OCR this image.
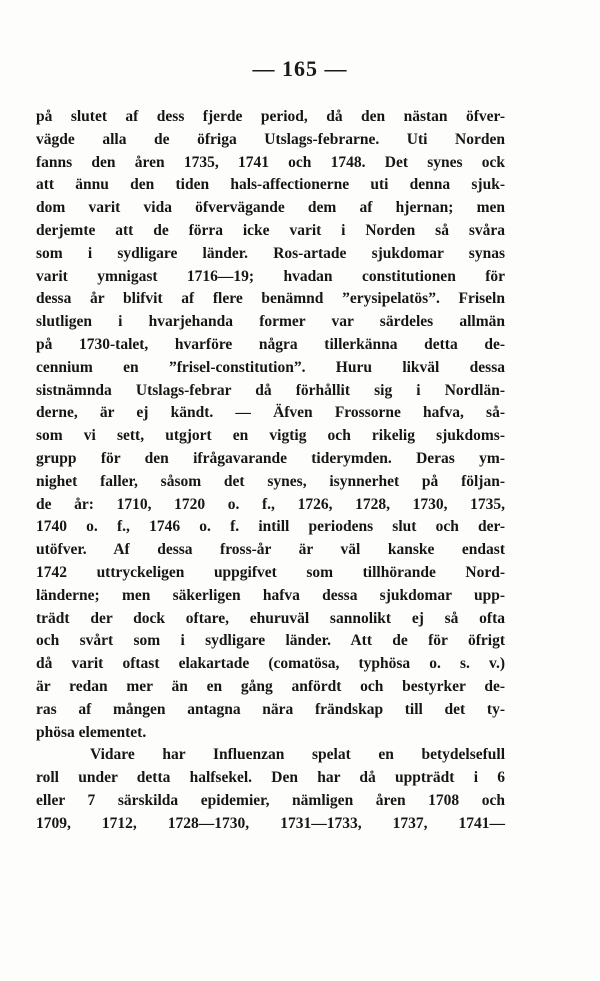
— 165 —
på slutet af dess fjerde period, då den nästan öfver-
vägde alla de öfriga Utslags-febrarne. Uti Norden
fanns den åren 1735, 1741 och 1748. Det synes ock
att ännu den tiden hals-affectionerne uti denna sjuk-
dom varit vida öfvervägande dem af hjernan; men
derjemte att de förra icke varit i Norden så svåra
som i sydligare länder. Ros-artade sjukdomar synas
varit ymnigast 1716—19; hvadan constitutionen för
dessa år blifvit af flere benämnd ”erysipelatös”. Friseln
slutligen i hvarjehanda former var särdeles allmän
på 1730-talet, hvarföre några tillerkänna detta de-
cennium en ”frisel-constitution”. Huru likväl dessa
sistnämnda Utslags-febrar då förhållit sig i Nordlän-
derne, är ej kändt. — Äfven Frossorne hafva, så-
som vi sett, utgjort en vigtig och rikelig sjukdoms-
grupp för den ifrågavarande tiderymden. Deras ym-
nighet faller, såsom det synes, isynnerhet på följan-
de år: 1710, 1720 o. f., 1726, 1728, 1730, 1735,
1740 o. f., 1746 o. f. intill periodens slut och der-
utöfver. Af dessa fross-år är väl kanske endast
1742 uttryckeligen uppgifvet som tillhörande Nord-
länderne; men säkerligen hafva dessa sjukdomar upp-
trädt der dock oftare, ehuruväl sannolikt ej så ofta
och svårt som i sydligare länder. Att de för öfrigt
då varit oftast elakartade (comatösa, typhösa o. s. v.)
är redan mer än en gång anfördt och bestyrker de-
ras af mången antagna nära frändskap till det ty-
phösa elementet.
Vidare har Influenzan spelat en betydelsefull
roll under detta halfsekel. Den har då uppträdt i 6
eller 7 särskilda epidemier, nämligen åren 1708 och
1709, 1712, 1728—1730, 1731—1733, 1737, 1741—
